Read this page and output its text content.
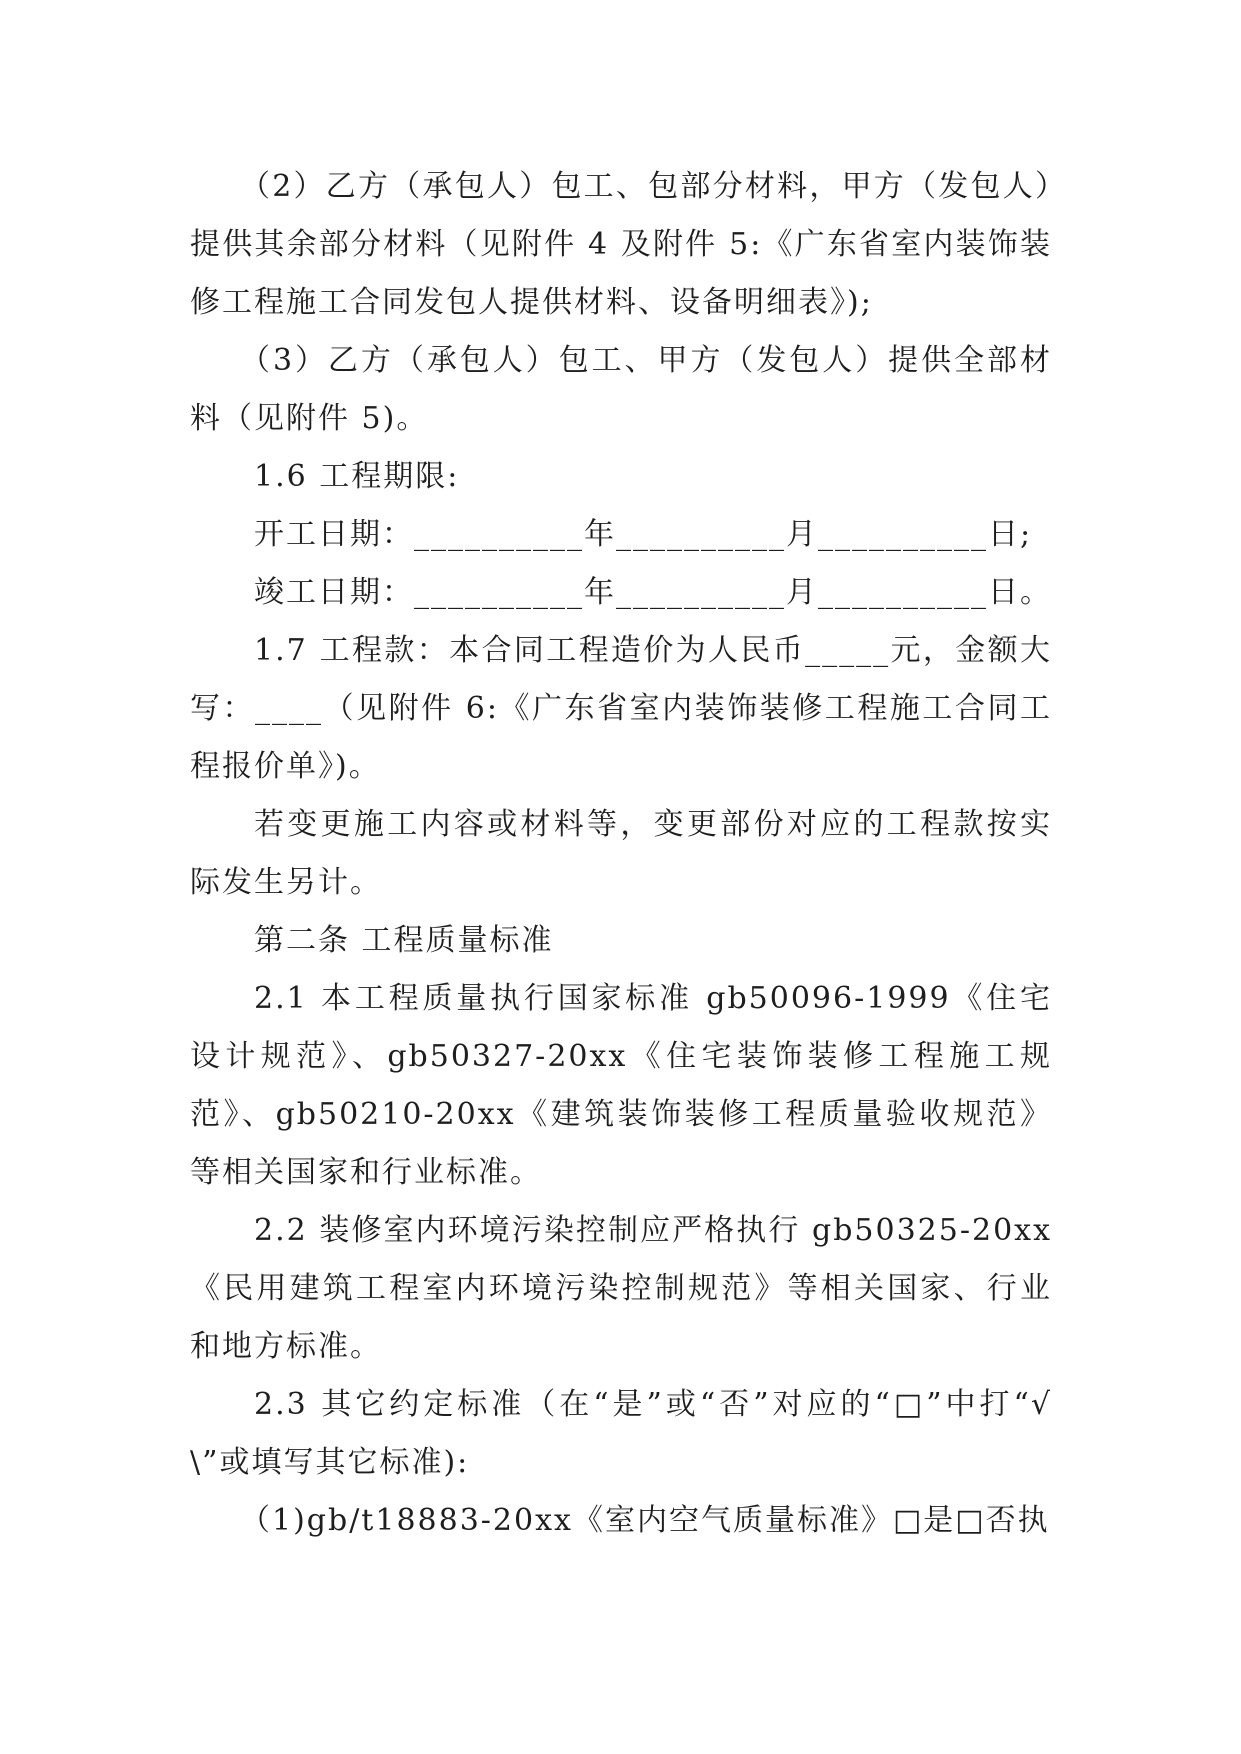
（2）乙方（承包人）包工、包部分材料，甲方（发包人）提供其余部分材料（见附件 4 及附件 5:《广东省室内装饰装修工程施工合同发包人提供材料、设备明细表》);

（3）乙方（承包人）包工、甲方（发包人）提供全部材料（见附件 5)。

1.6 工程期限:

开工日期：__________年__________月__________日;

竣工日期：__________年__________月__________日。

1.7 工程款：本合同工程造价为人民币_____元，金额大写：____（见附件 6:《广东省室内装饰装修工程施工合同工程报价单》)。

若变更施工内容或材料等，变更部份对应的工程款按实际发生另计。

第二条 工程质量标准

2.1 本工程质量执行国家标准 gb50096-1999《住宅设计规范》、gb50327-20xx《住宅装饰装修工程施工规范》、gb50210-20xx《建筑装饰装修工程质量验收规范》等相关国家和行业标准。

2.2 装修室内环境污染控制应严格执行 gb50325-20xx《民用建筑工程室内环境污染控制规范》等相关国家、行业和地方标准。

2.3 其它约定标准（在“是”或“否”对应的“□”中打“√\”或填写其它标准):

（1)gb/t18883-20xx《室内空气质量标准》□是□否执
